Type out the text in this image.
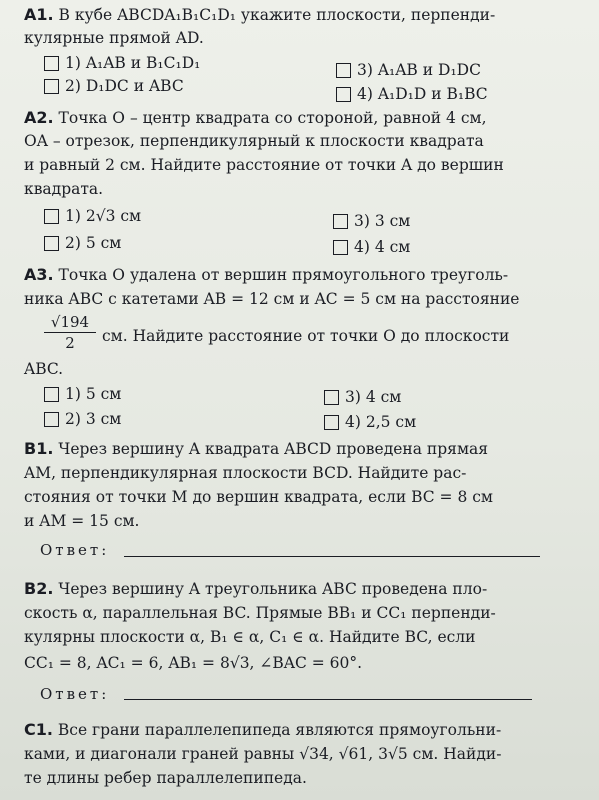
А1. В кубе ABCDA₁B₁C₁D₁ укажите плоскости, перпенди-
кулярные прямой AD.
1) A₁AB и B₁C₁D₁	3) A₁AB и D₁DC
2) D₁DC и ABC	4) A₁D₁D и B₁BC
А2. Точка O – центр квадрата со стороной, равной 4 см,
OA – отрезок, перпендикулярный к плоскости квадрата
и равный 2 см. Найдите расстояние от точки A до вершин
квадрата.
1) 2√3 см	3) 3 см
2) 5 см	4) 4 см
А3. Точка O удалена от вершин прямоугольного треуголь-
ника ABC с катетами AB = 12 см и AC = 5 см на расстояние
$\frac{√194}{2}$ см. Найдите расстояние от точки O до плоскости
ABC.
1) 5 см	3) 4 см
2) 3 см	4) 2,5 см
В1. Через вершину A квадрата ABCD проведена прямая
AM, перпендикулярная плоскости BCD. Найдите рас-
стояния от точки M до вершин квадрата, если BC = 8 см
и AM = 15 см.
Ответ:
В2. Через вершину A треугольника ABC проведена пло-
скость α, параллельная BC. Прямые BB₁ и CC₁ перпенди-
кулярны плоскости α, B₁ ∈ α, C₁ ∈ α. Найдите BC, если
CC₁ = 8, AC₁ = 6, AB₁ = 8√3, ∠BAC = 60°.
Ответ:
С1. Все грани параллелепипеда являются прямоугольни-
ками, и диагонали граней равны √34, √61, 3√5 см. Найди-
те длины ребер параллелепипеда.
